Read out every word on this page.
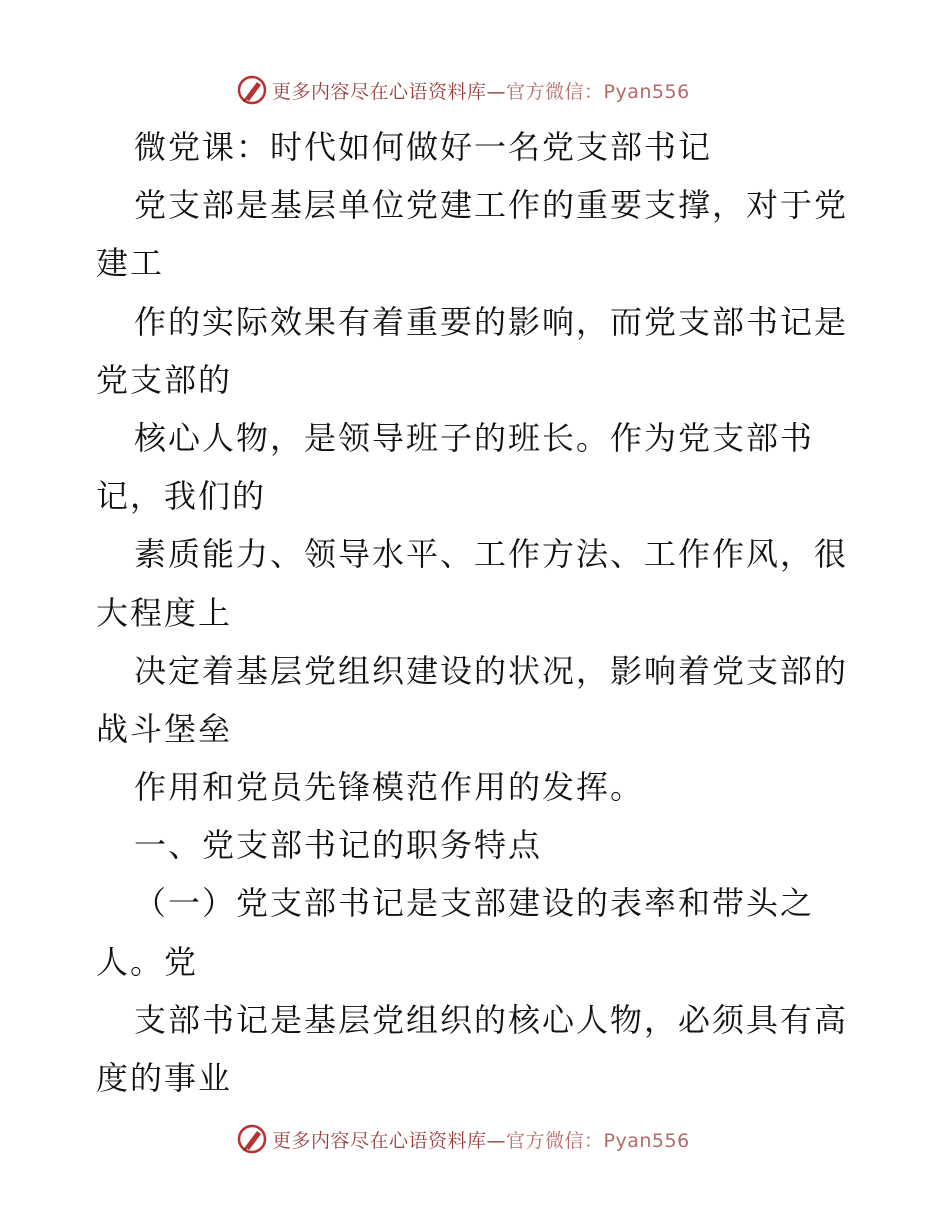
更多内容尽在心语资料库—官方微信：Pyan556
微党课：时代如何做好一名党支部书记
党支部是基层单位党建工作的重要支撑，对于党
建工
作的实际效果有着重要的影响，而党支部书记是
党支部的
核心人物，是领导班子的班长。作为党支部书
记，我们的
素质能力、领导水平、工作方法、工作作风，很
大程度上
决定着基层党组织建设的状况，影响着党支部的
战斗堡垒
作用和党员先锋模范作用的发挥。
一、党支部书记的职务特点
（一）党支部书记是支部建设的表率和带头之
人。党
支部书记是基层党组织的核心人物，必须具有高
度的事业
更多内容尽在心语资料库—官方微信：Pyan556
